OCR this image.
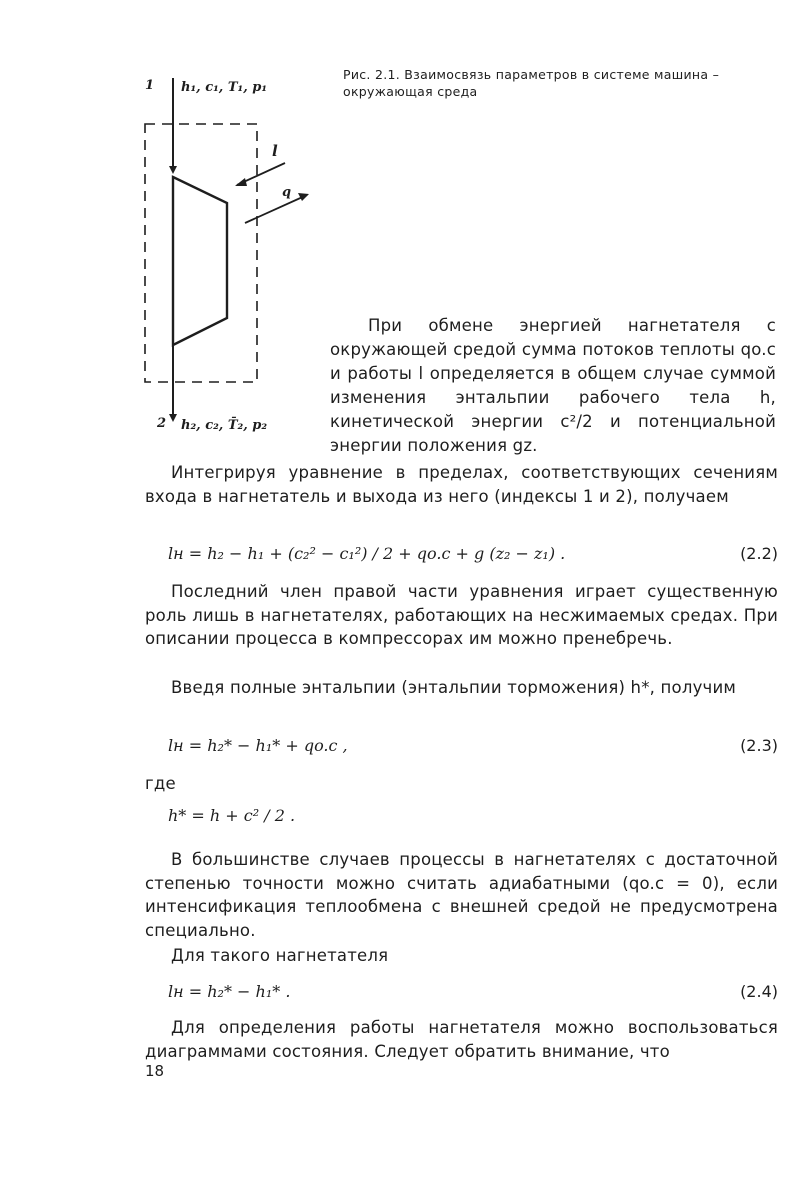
1 h₁, c₁, T₁, p₁
l
q
2 h₂, c₂, T̄₂, p₂
Рис. 2.1. Взаимосвязь параметров в системе машина – окружающая среда
При обмене энергией нагнетателя с окружающей средой сумма потоков теплоты qo.c и работы l определяется в общем случае суммой изменения энтальпии рабочего тела h, кинетической энергии c²/2 и потенциальной энергии положения gz.
Интегрируя уравнение в пределах, соответствующих сечениям входа в нагнетатель и выхода из него (индексы 1 и 2), получаем
lн = h₂ − h₁ + (c₂² − c₁²) / 2 + qo.c + g (z₂ − z₁) .	(2.2)
Последний член правой части уравнения играет существенную роль лишь в нагнетателях, работающих на несжимаемых средах. При описании процесса в компрессорах им можно пренебречь.
Введя полные энтальпии (энтальпии торможения) h*, получим
lн = h₂* − h₁* + qo.c ,	(2.3)
где
h* = h + c² / 2 .
В большинстве случаев процессы в нагнетателях с достаточной степенью точности можно считать адиабатными (qo.c = 0), если интенсификация теплообмена с внешней средой не предусмотрена специально.
Для такого нагнетателя
lн = h₂* − h₁* .	(2.4)
Для определения работы нагнетателя можно воспользоваться диаграммами состояния. Следует обратить внимание, что
18
